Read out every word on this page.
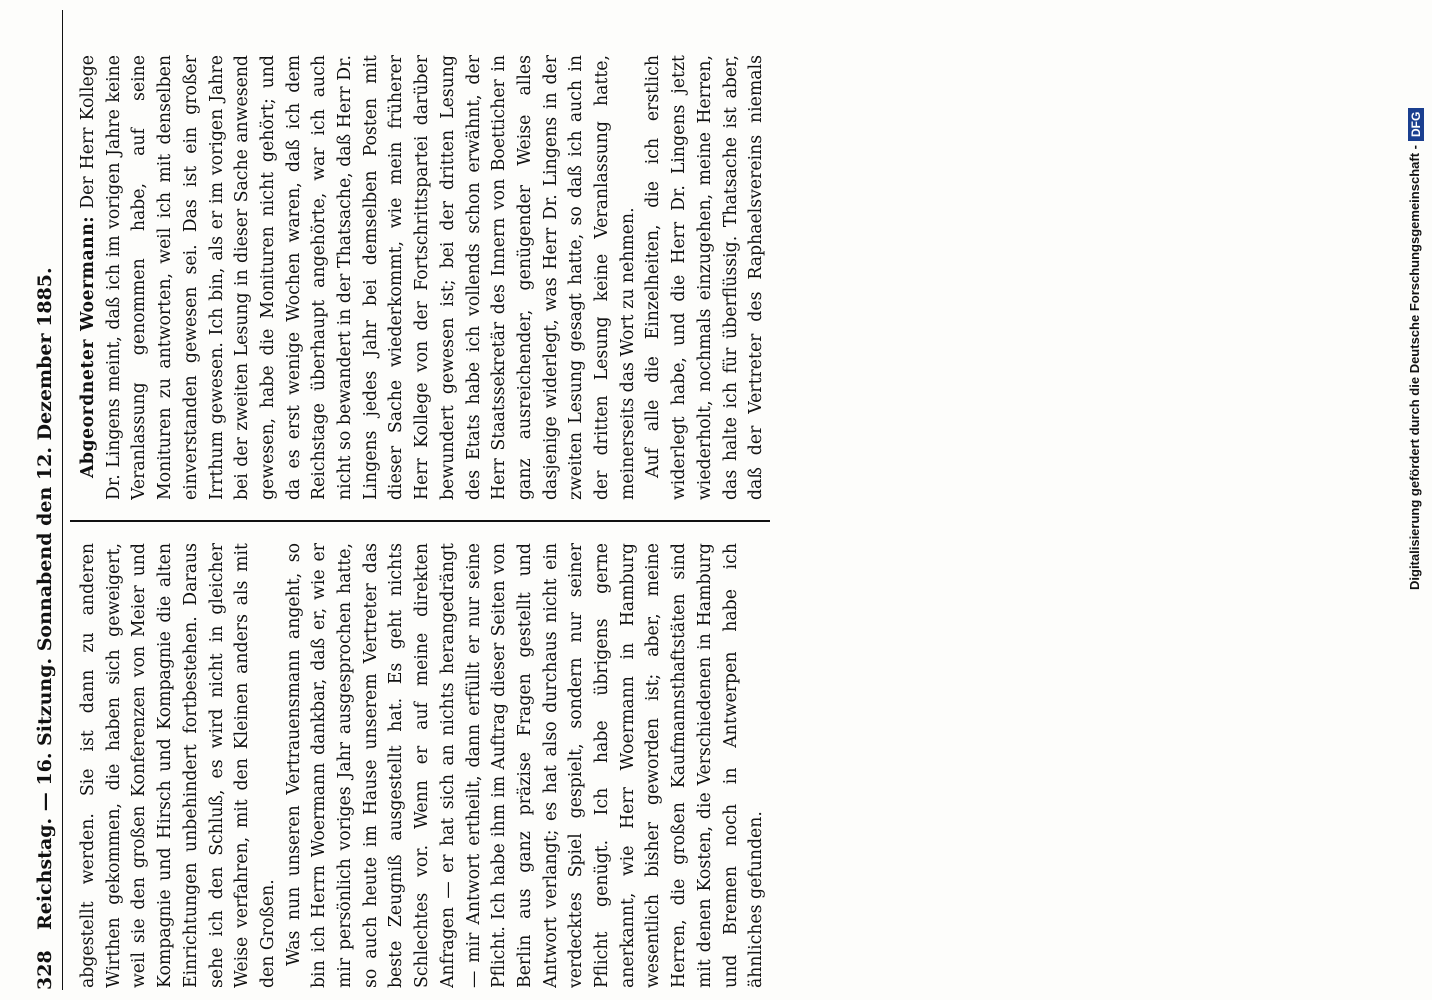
328
Reichstag. — 16. Sitzung. Sonnabend den 12. Dezember 1885. abgestellt werden. Sie ist dann zu anderen Wirthen gekommen, die haben sich geweigert, weil sie den großen Konferenzen von Meier und Kompagnie und Hirsch und Kompagnie die alten Einrichtungen unbehindert fortbestehen. Daraus sehe ich den Schluß, es wird nicht in gleicher Weise verfahren, mit den Kleinen anders als mit den Großen. Was nun unseren Vertrauensmann angeht, so bin ich Herrn Woermann dankbar, daß er, wie er mir persönlich voriges Jahr ausgesprochen hatte, so auch heute im Hause unserem Vertreter das beste Zeugniß ausgestellt hat. Es geht nichts Schlechtes vor. Wenn er auf meine direkten Anfragen — er hat sich an nichts herangedrängt — mir Antwort ertheilt, dann erfüllt er nur seine Pflicht. Ich habe ihm im Auftrag dieser Seiten von Berlin aus ganz präzise Fragen gestellt und Antwort verlangt; es hat also durchaus nicht ein verdecktes Spiel gespielt, sondern nur seiner Pflicht genügt. Ich habe übrigens gerne anerkannt, wie Herr Woermann in Hamburg wesentlich bisher geworden ist; aber, meine Herren, die großen Kaufmannsthaftstäten sind mit denen Kosten, die Verschiedenen in Hamburg und Bremen noch in Antwerpen habe ich ähnliches gefunden.

Abgeordneter Woermann: Der Herr Kollege Dr. Lingens meint, daß ich im vorigen Jahre keine Veranlassung genommen habe, auf seine Monituren zu antworten, weil ich mit denselben einverstanden gewesen sei. Das ist ein großer Irrthum gewesen. Ich bin, als er im vorigen Jahre bei der zweiten Lesung in dieser Sache anwesend gewesen, habe die Monituren nicht gehört; und da es erst wenige Wochen waren, daß ich dem Reichstage überhaupt angehörte, war ich auch nicht so bewandert in der Thatsache, daß Herr Dr. Lingens jedes Jahr bei demselben Posten mit dieser Sache wiederkommt, wie mein früherer Herr Kollege von der Fortschrittspartei darüber bewundert gewesen ist; bei der dritten Lesung des Etats habe ich vollends schon erwähnt, der Herr Staatssekretär des Innern von Boetticher in ganz ausreichender, genügender Weise alles dasjenige widerlegt, was Herr Dr. Lingens in der zweiten Lesung gesagt hatte, so daß ich auch in der dritten Lesung keine Veranlassung hatte, meinerseits das Wort zu nehmen. Auf alle die Einzelheiten, die ich erstlich widerlegt habe, und die Herr Dr. Lingens jetzt wiederholt, nochmals einzugehen, meine Herren, das halte ich für überflüssig. Thatsache ist aber, daß der Vertreter des Raphaelsvereins niemals

Digitalisierung gefördert durch die Deutsche Forschungsgemeinschaft -DFG
